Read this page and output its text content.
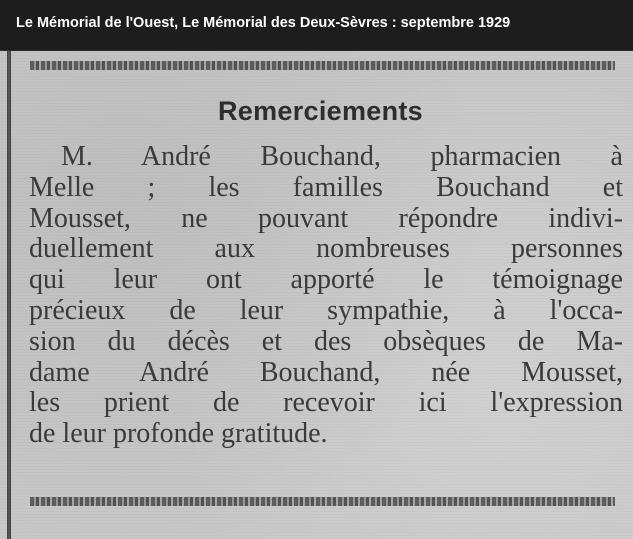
Le Mémorial de l'Ouest, Le Mémorial des Deux-Sèvres : septembre 1929
Remerciements
M. André Bouchand, pharmacien à
Melle ; les familles Bouchand et
Mousset, ne pouvant répondre indivi-
duellement aux nombreuses personnes
qui leur ont apporté le témoignage
précieux de leur sympathie, à l'occa-
sion du décès et des obsèques de Ma-
dame André Bouchand, née Mousset,
les prient de recevoir ici l'expression
de leur profonde gratitude.
